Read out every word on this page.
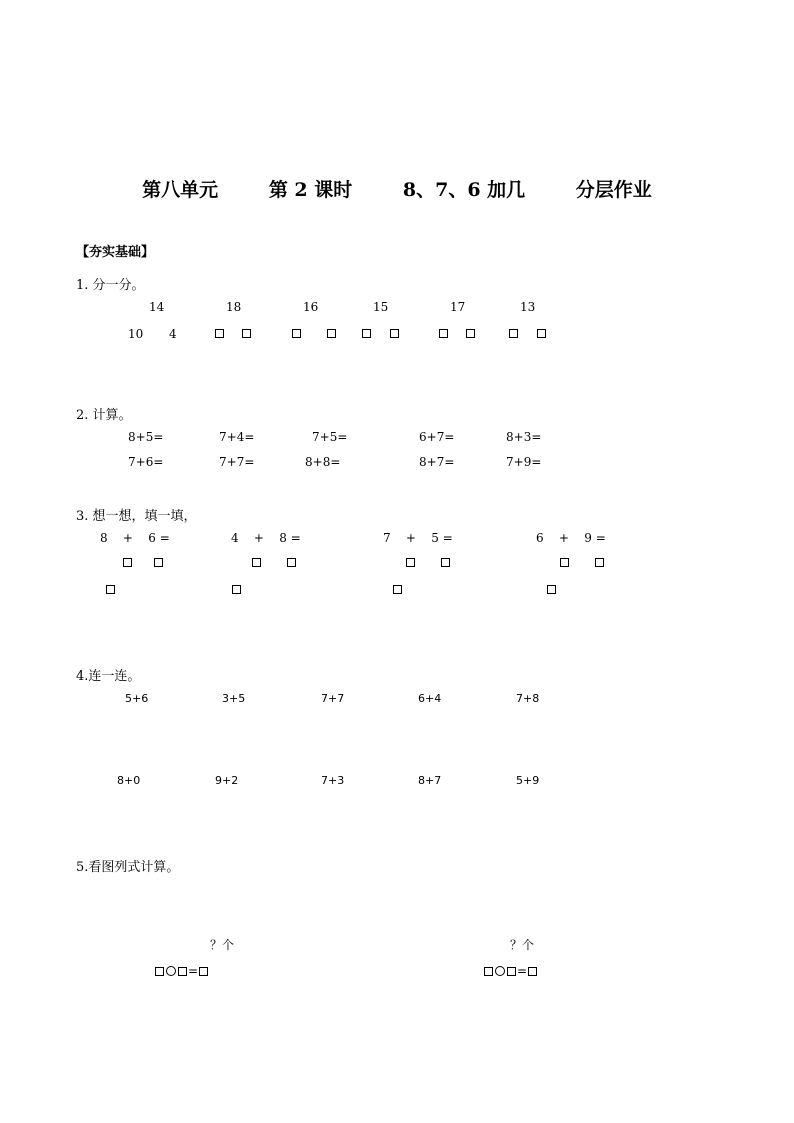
第八单元	第 2 课时	8、7、6 加几	分层作业
【夯实基础】
1. 分一分。
14	18	16	15	17	13
10 4
2. 计算。
8+5=	7+4=	7+5=	6+7=	8+3=
7+6=	7+7=	8+8=	8+7=	7+9=
3. 想一想，填一填，
8 + 6 =	4 + 8 =	7 + 5 =	6 + 9 =
4.连一连。
5+6	3+5	7+7	6+4	7+8
8+0	9+2	7+3	8+7	5+9
5.看图列式计算。
？个	？个
=	=
